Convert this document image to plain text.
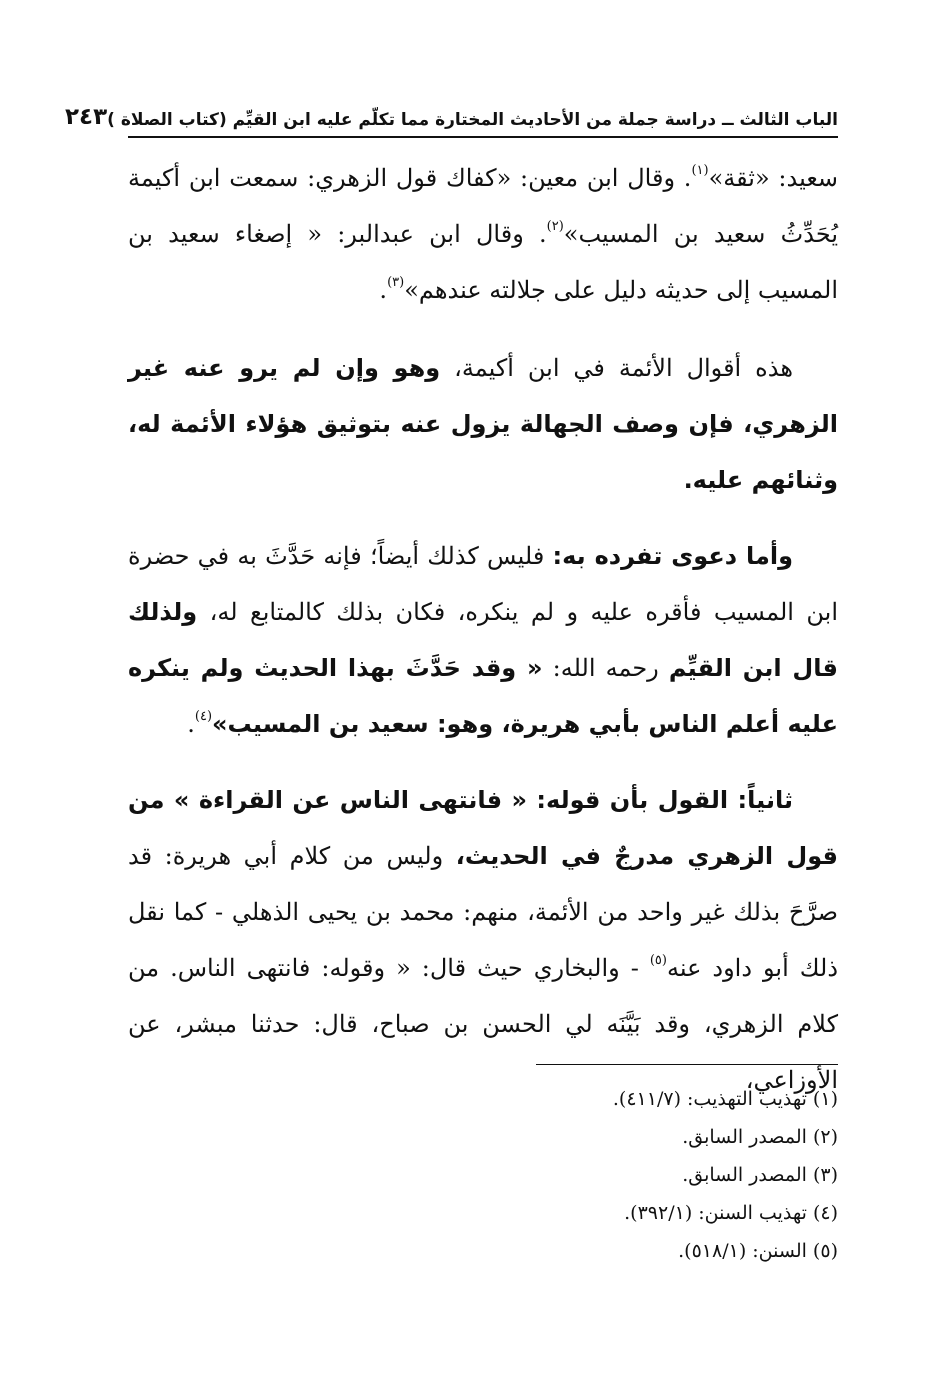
الباب الثالث ــ دراسة جملة من الأحاديث المختارة مما تكلّم عليه ابن القيِّم (كتاب الصلاة )
٢٤٣

سعيد: «ثقة»$^{(١)}$. وقال ابن معين: «كفاك قول الزهري: سمعت ابن أكيمة يُحَدِّثُ سعيد بن المسيب»$^{(٢)}$. وقال ابن عبدالبر: « إصغاء سعيد بن المسيب إلى حديثه دليل على جلالته عندهم»$^{(٣)}$.

هذه أقوال الأئمة في ابن أكيمة، وهو وإن لم يرو عنه غير الزهري، فإن وصف الجهالة يزول عنه بتوثيق هؤلاء الأئمة له، وثنائهم عليه.

وأما دعوى تفرده به: فليس كذلك أيضاً؛ فإنه حَدَّثَ به في حضرة ابن المسيب فأقره عليه و لم ينكره، فكان بذلك كالمتابع له، ولذلك قال ابن القيِّم رحمه الله: « وقد حَدَّثَ بهذا الحديث ولم ينكره عليه أعلم الناس بأبي هريرة، وهو: سعيد بن المسيب»$^{(٤)}$.

ثانياً: القول بأن قوله: « فانتهى الناس عن القراءة » من قول الزهري مدرجٌ في الحديث، وليس من كلام أبي هريرة: قد صرَّحَ بذلك غير واحد من الأئمة، منهم: محمد بن يحيى الذهلي - كما نقل ذلك أبو داود عنه$^{(٥)}$ - والبخاري حيث قال: « وقوله: فانتهى الناس. من كلام الزهري، وقد بَيَّنَه لي الحسن بن صباح، قال: حدثنا مبشر، عن الأوزاعي،

(١) تهذيب التهذيب: (٤١١/٧).
(٢) المصدر السابق.
(٣) المصدر السابق.
(٤) تهذيب السنن: (٣٩٢/١).
(٥) السنن: (٥١٨/١).
